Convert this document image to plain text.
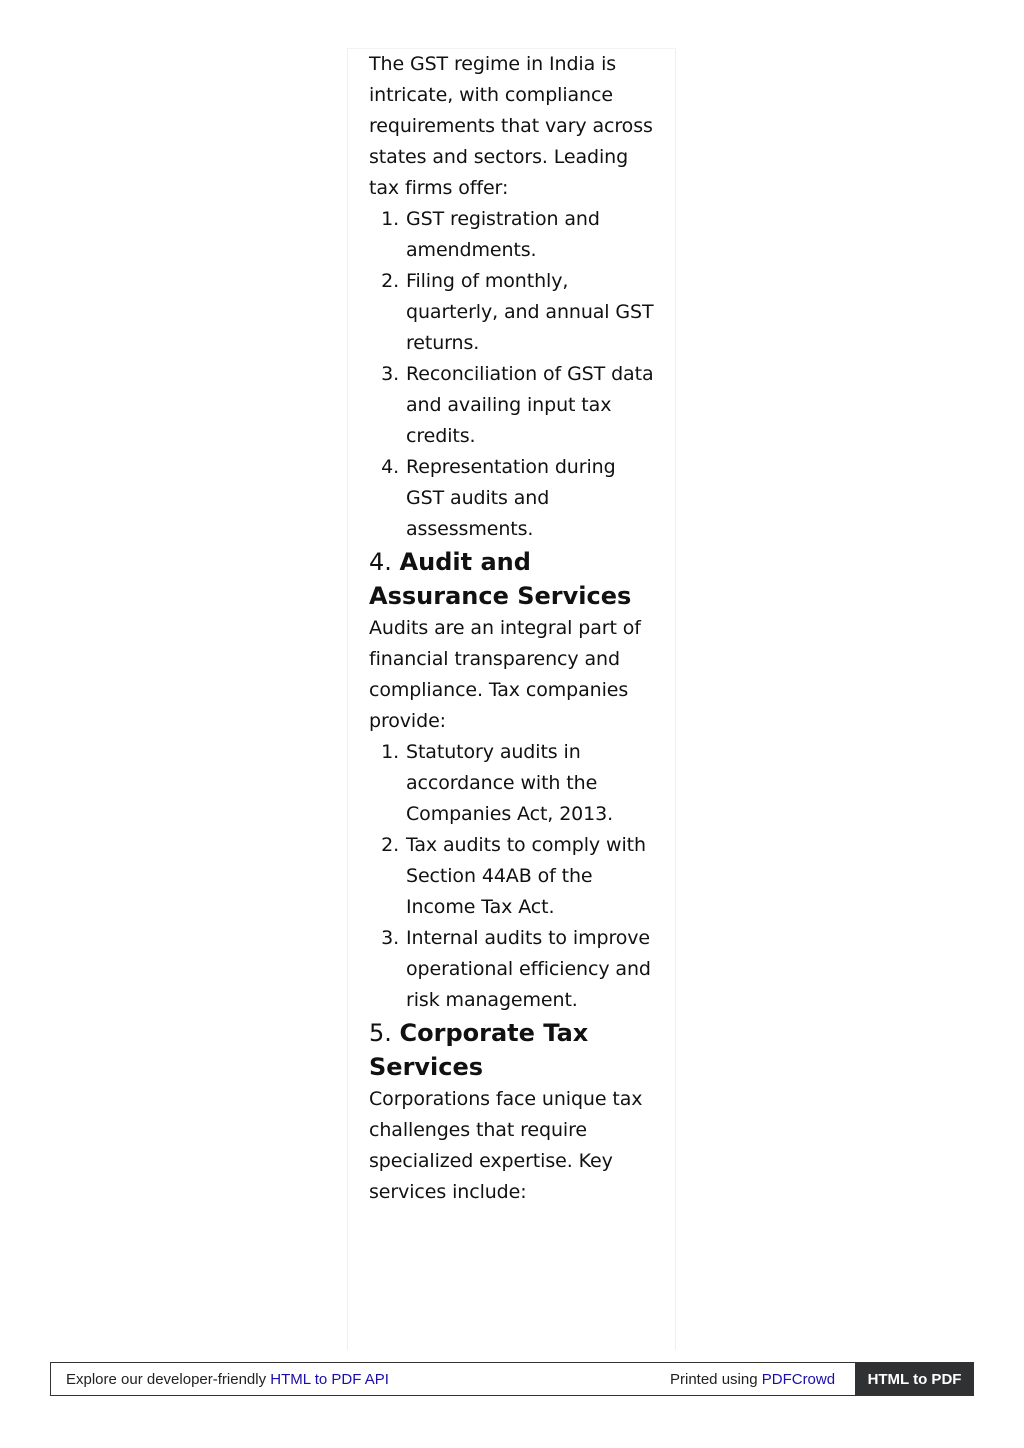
The GST regime in India is intricate, with compliance requirements that vary across states and sectors. Leading tax firms offer:

1. GST registration and amendments.
2. Filing of monthly, quarterly, and annual GST returns.
3. Reconciliation of GST data and availing input tax credits.
4. Representation during GST audits and assessments.
4. Audit and Assurance Services

Audits are an integral part of financial transparency and compliance. Tax companies provide:

1. Statutory audits in accordance with the Companies Act, 2013.
2. Tax audits to comply with Section 44AB of the Income Tax Act.
3. Internal audits to improve operational efficiency and risk management.
5. Corporate Tax Services

Corporations face unique tax challenges that require specialized expertise. Key services include:

Explore our developer-friendly HTML to PDF API	Printed using PDFCrowd	HTML to PDF
